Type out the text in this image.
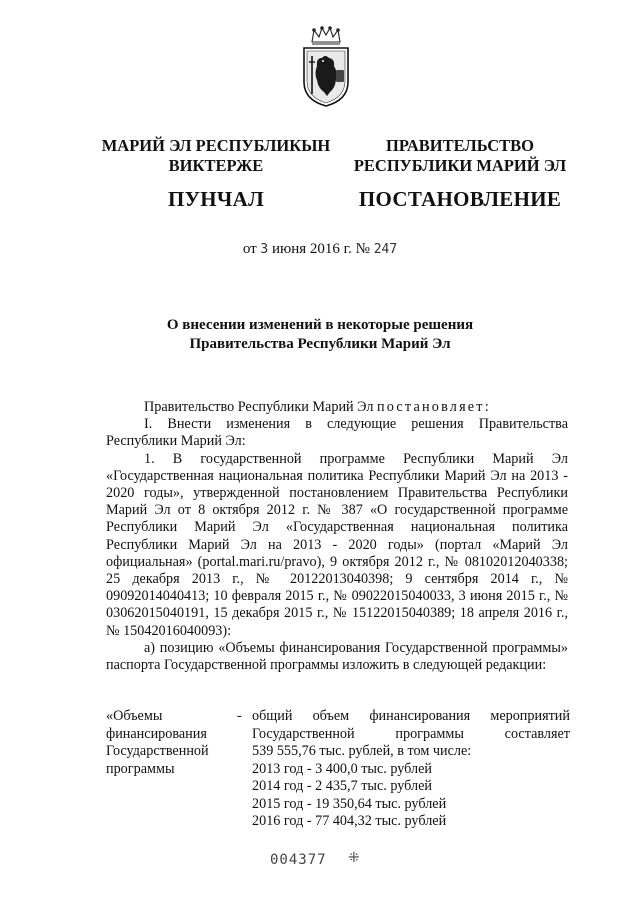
МАРИЙ ЭЛ РЕСПУБЛИКЫН
ВИКТЕРЖЕ
ПУНЧАЛ
ПРАВИТЕЛЬСТВО
РЕСПУБЛИКИ МАРИЙ ЭЛ
ПОСТАНОВЛЕНИЕ
от 3 июня 2016 г. № 247
О внесении изменений в некоторые решения
Правительства Республики Марий Эл

Правительство Республики Марий Эл постановляет:

I. Внести изменения в следующие решения Правительства Республики Марий Эл:

1. В государственной программе Республики Марий Эл «Государственная национальная политика Республики Марий Эл на 2013 - 2020 годы», утвержденной постановлением Правительства Республики Марий Эл от 8 октября 2012 г. № 387 «О государственной программе Республики Марий Эл «Государственная национальная политика Республики Марий Эл на 2013 - 2020 годы» (портал «Марий Эл официальная» (portal.mari.ru/pravo), 9 октября 2012 г., № 08102012040338; 25 декабря 2013 г., № 20122013040398; 9 сентября 2014 г., № 09092014040413; 10 февраля 2015 г., № 09022015040033, 3 июня 2015 г., № 03062015040191, 15 декабря 2015 г., № 15122015040389; 18 апреля 2016 г., № 15042016040093):

а) позицию «Объемы финансирования Государственной программы» паспорта Государственной программы изложить в следующей редакции:

«Объемы
финансирования
Государственной
программы
- общий объем финансирования мероприятий
Государственной программы составляет
539 555,76 тыс. рублей, в том числе:
2013 год - 3 400,0 тыс. рублей
2014 год - 2 435,7 тыс. рублей
2015 год - 19 350,64 тыс. рублей
2016 год - 77 404,32 тыс. рублей
004377 ⁜
